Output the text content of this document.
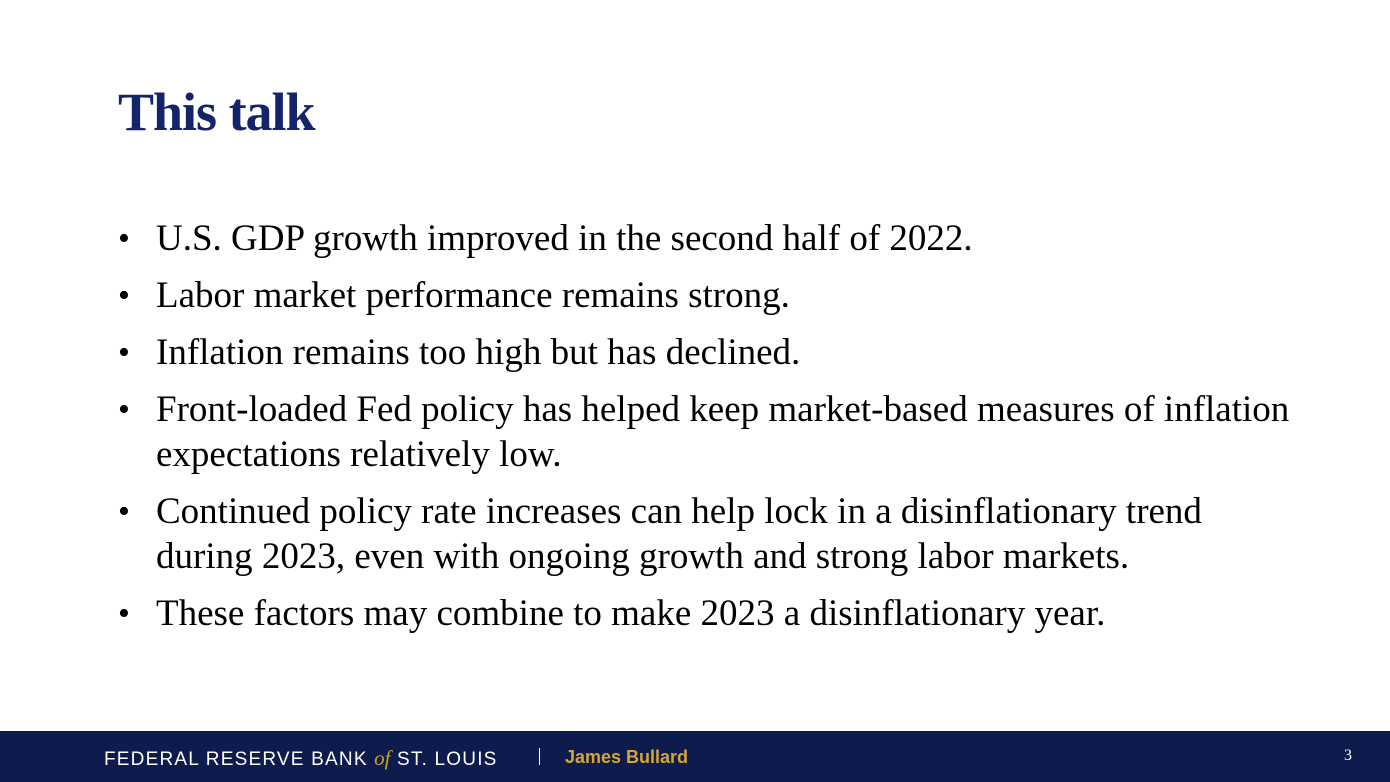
This talk
• U.S. GDP growth improved in the second half of 2022.
• Labor market performance remains strong.
• Inflation remains too high but has declined.
• Front-loaded Fed policy has helped keep market-based measures of inflation expectations relatively low.
• Continued policy rate increases can help lock in a disinflationary trend during 2023, even with ongoing growth and strong labor markets.
• These factors may combine to make 2023 a disinflationary year.
FEDERAL RESERVE BANK of ST. LOUIS	James Bullard	3
